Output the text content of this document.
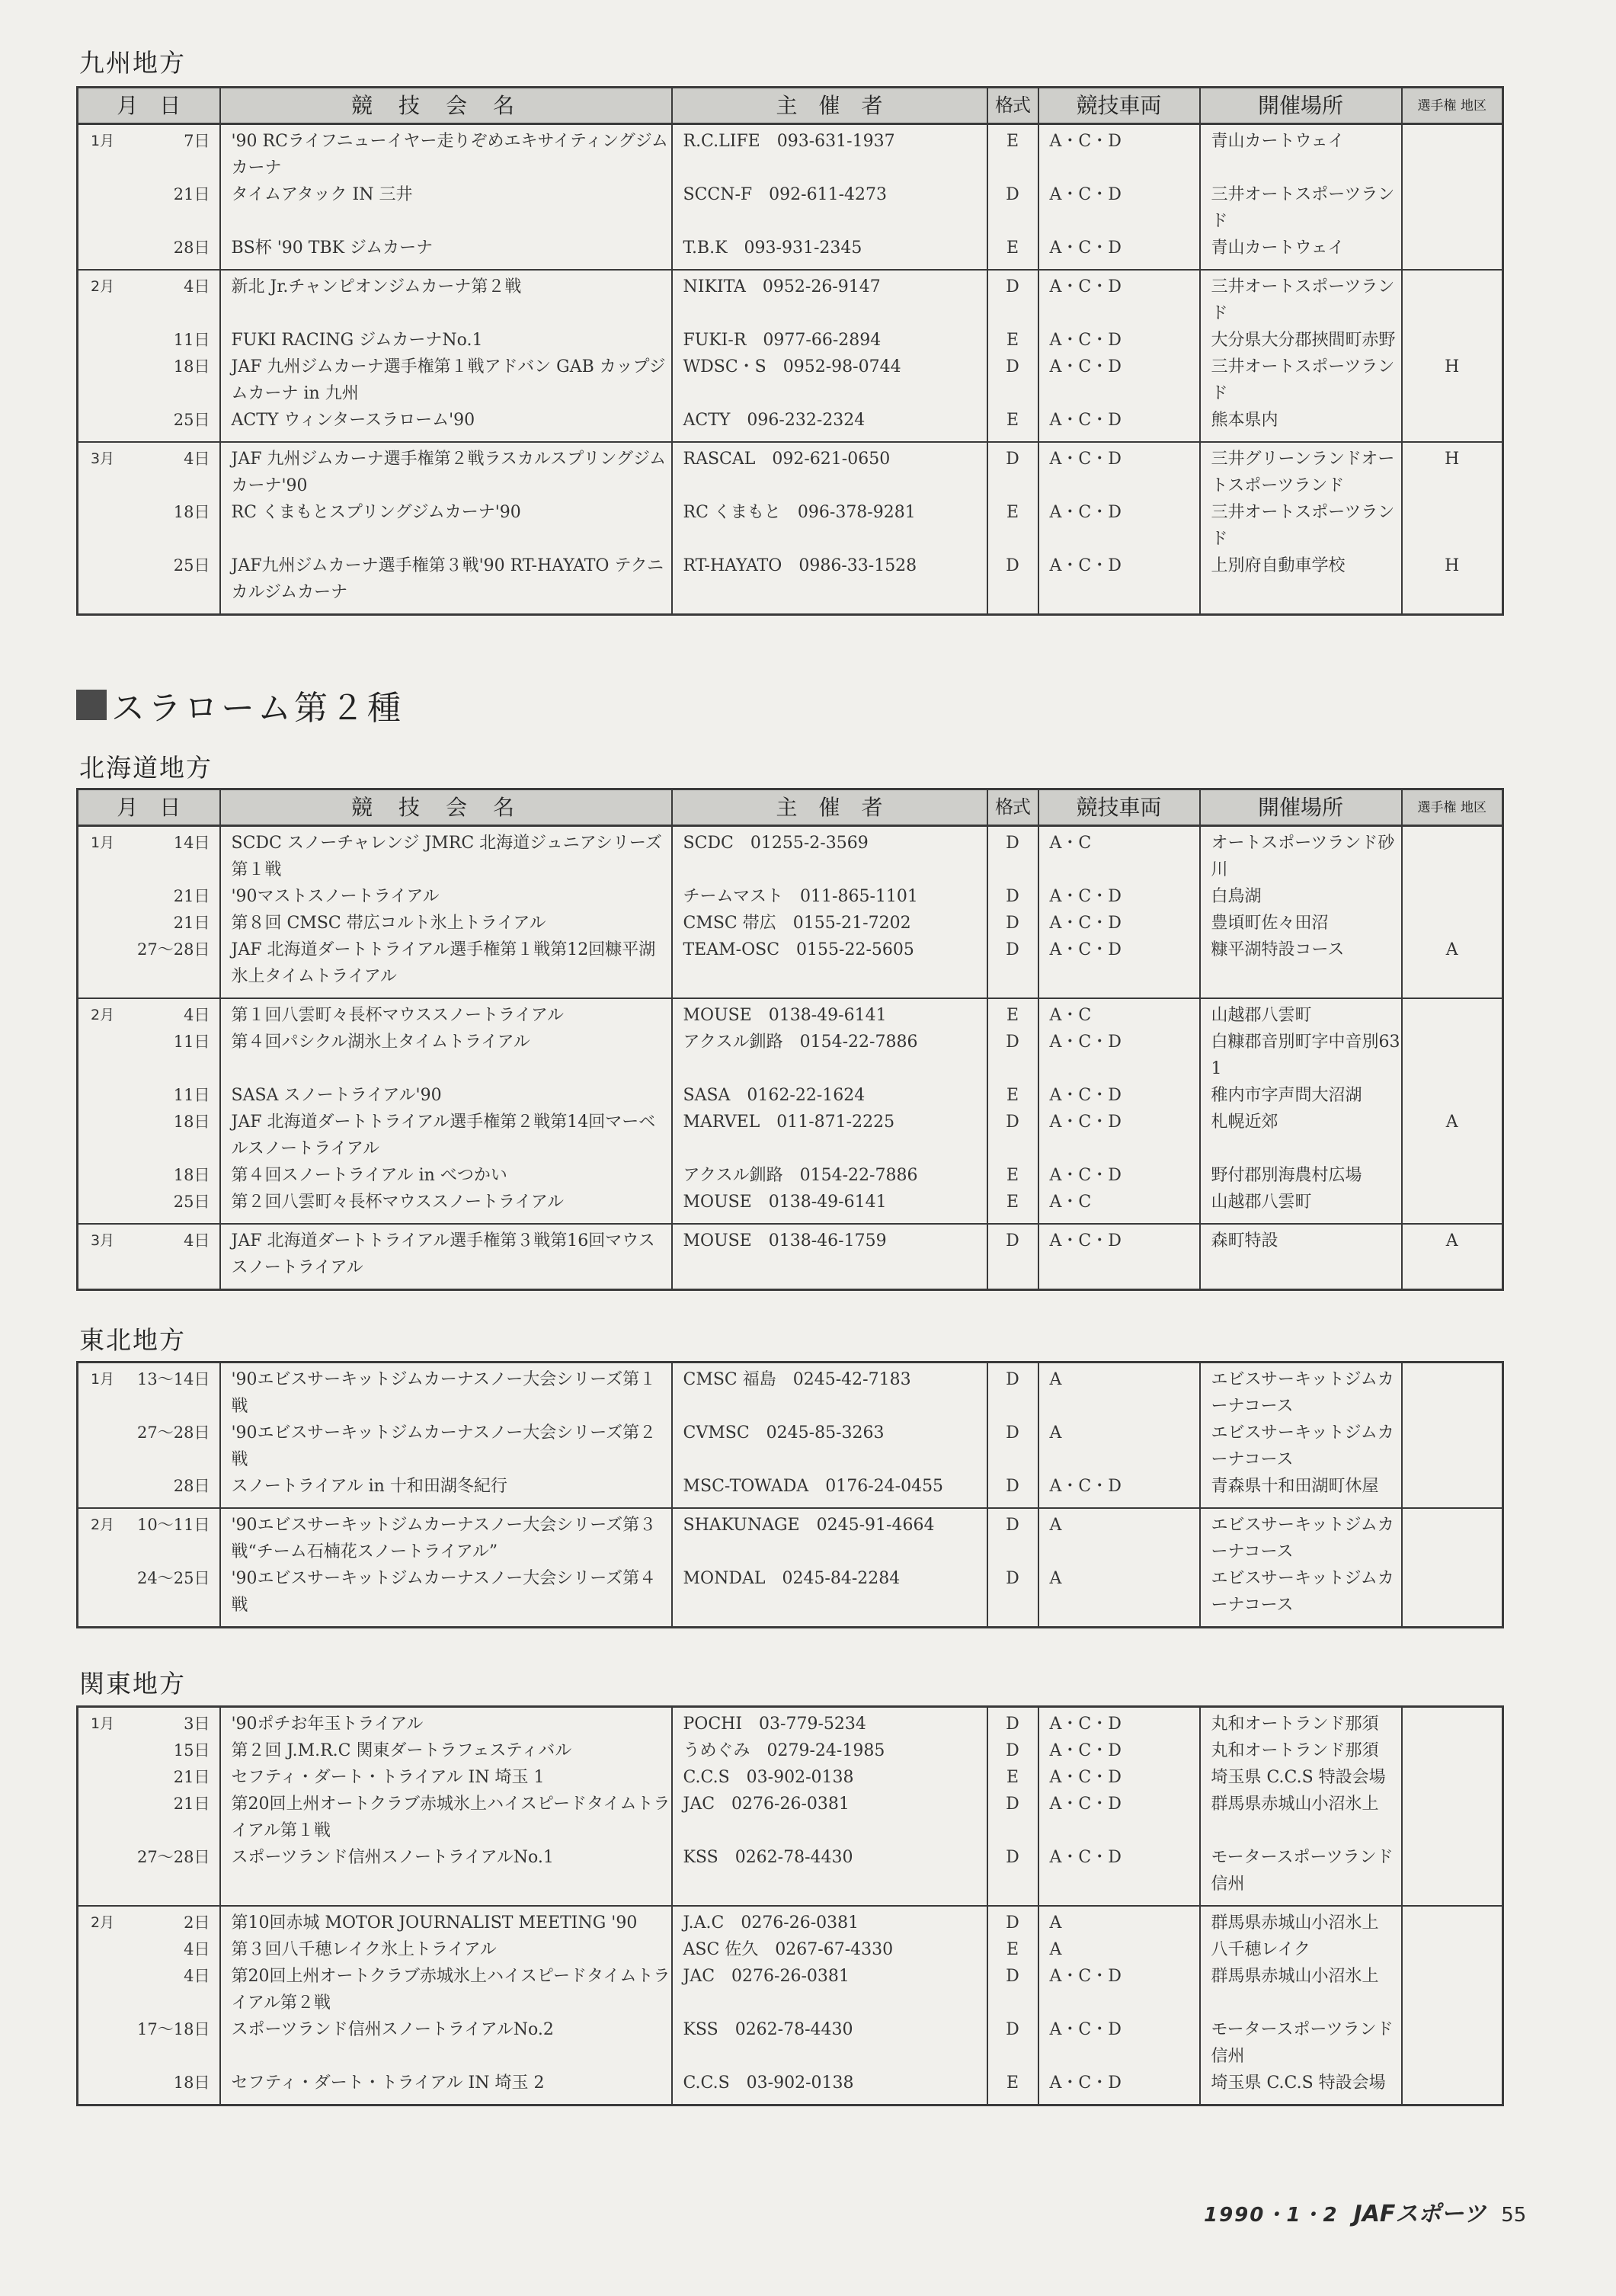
九州地方
月　日	競技会名	主　催　者	格式	競技車両	開催場所	選手権 地区

1月 7日	'90 RCライフニューイヤー走りぞめエキサイティングジムカーナ	R.C.LIFE　093-631-1937	E	A・C・D	青山カートウェイ	

21日	タイムアタック IN 三井	SCCN-F　092-611-4273	D	A・C・D	三井オートスポーツランド	

28日	BS杯 '90 TBK ジムカーナ	T.B.K　093-931-2345	E	A・C・D	青山カートウェイ	

2月 4日	新北 Jr.チャンピオンジムカーナ第２戦	NIKITA　0952-26-9147	D	A・C・D	三井オートスポーツランド	

11日	FUKI RACING ジムカーナNo.1	FUKI-R　0977-66-2894	E	A・C・D	大分県大分郡挾間町赤野	

18日	JAF 九州ジムカーナ選手権第１戦アドバン GAB カップジムカーナ in 九州	WDSC・S　0952-98-0744	D	A・C・D	三井オートスポーツランド	H

25日	ACTY ウィンタースラローム'90	ACTY　096-232-2324	E	A・C・D	熊本県内	

3月 4日	JAF 九州ジムカーナ選手権第２戦ラスカルスプリングジムカーナ'90	RASCAL　092-621-0650	D	A・C・D	三井グリーンランドオートスポーツランド	H

18日	RC くまもとスプリングジムカーナ'90	RC くまもと　096-378-9281	E	A・C・D	三井オートスポーツランド	

25日	JAF九州ジムカーナ選手権第３戦'90 RT-HAYATO テクニカルジムカーナ	RT-HAYATO　0986-33-1528	D	A・C・D	上別府自動車学校	H
スラローム第２種
北海道地方
月　日	競技会名	主　催　者	格式	競技車両	開催場所	選手権 地区

1月 14日	SCDC スノーチャレンジ JMRC 北海道ジュニアシリーズ第１戦	SCDC　01255-2-3569	D	A・C	オートスポーツランド砂川	

21日	'90マストスノートライアル	チームマスト　011-865-1101	D	A・C・D	白鳥湖	

21日	第８回 CMSC 帯広コルト氷上トライアル	CMSC 帯広　0155-21-7202	D	A・C・D	豊頃町佐々田沼	

27～28日	JAF 北海道ダートトライアル選手権第１戦第12回糠平湖氷上タイムトライアル	TEAM-OSC　0155-22-5605	D	A・C・D	糠平湖特設コース	A

2月 4日	第１回八雲町々長杯マウススノートライアル	MOUSE　0138-49-6141	E	A・C	山越郡八雲町	

11日	第４回パシクル湖氷上タイムトライアル	アクスル釧路　0154-22-7886	D	A・C・D	白糠郡音別町字中音別631	

11日	SASA スノートライアル'90	SASA　0162-22-1624	E	A・C・D	稚内市字声問大沼湖	

18日	JAF 北海道ダートトライアル選手権第２戦第14回マーベルスノートライアル	MARVEL　011-871-2225	D	A・C・D	札幌近郊	A

18日	第４回スノートライアル in べつかい	アクスル釧路　0154-22-7886	E	A・C・D	野付郡別海農村広場	

25日	第２回八雲町々長杯マウススノートライアル	MOUSE　0138-49-6141	E	A・C	山越郡八雲町	

3月 4日	JAF 北海道ダートトライアル選手権第３戦第16回マウススノートライアル	MOUSE　0138-46-1759	D	A・C・D	森町特設	A
東北地方
1月 13～14日	'90エビスサーキットジムカーナスノー大会シリーズ第１戦	CMSC 福島　0245-42-7183	D	A	エビスサーキットジムカーナコース	

27～28日	'90エビスサーキットジムカーナスノー大会シリーズ第２戦	CVMSC　0245-85-3263	D	A	エビスサーキットジムカーナコース	

28日	スノートライアル in 十和田湖冬紀行	MSC-TOWADA　0176-24-0455	D	A・C・D	青森県十和田湖町休屋	

2月 10～11日	'90エビスサーキットジムカーナスノー大会シリーズ第３戦“チーム石楠花スノートライアル”	SHAKUNAGE　0245-91-4664	D	A	エビスサーキットジムカーナコース	

24～25日	'90エビスサーキットジムカーナスノー大会シリーズ第４戦	MONDAL　0245-84-2284	D	A	エビスサーキットジムカーナコース	
関東地方
1月 3日	'90ポチお年玉トライアル	POCHI　03-779-5234	D	A・C・D	丸和オートランド那須	

15日	第２回 J.M.R.C 関東ダートラフェスティバル	うめぐみ　0279-24-1985	D	A・C・D	丸和オートランド那須	

21日	セフティ・ダート・トライアル IN 埼玉 1	C.C.S　03-902-0138	E	A・C・D	埼玉県 C.C.S 特設会場	

21日	第20回上州オートクラブ赤城氷上ハイスピードタイムトライアル第１戦	JAC　0276-26-0381	D	A・C・D	群馬県赤城山小沼氷上	

27～28日	スポーツランド信州スノートライアルNo.1	KSS　0262-78-4430	D	A・C・D	モータースポーツランド信州	

2月 2日	第10回赤城 MOTOR JOURNALIST MEETING '90	J.A.C　0276-26-0381	D	A	群馬県赤城山小沼氷上	

4日	第３回八千穂レイク氷上トライアル	ASC 佐久　0267-67-4330	E	A	八千穂レイク	

4日	第20回上州オートクラブ赤城氷上ハイスピードタイムトライアル第２戦	JAC　0276-26-0381	D	A・C・D	群馬県赤城山小沼氷上	

17～18日	スポーツランド信州スノートライアルNo.2	KSS　0262-78-4430	D	A・C・D	モータースポーツランド信州	

18日	セフティ・ダート・トライアル IN 埼玉 2	C.C.S　03-902-0138	E	A・C・D	埼玉県 C.C.S 特設会場	
1990・1・2 JAFスポーツ 55
